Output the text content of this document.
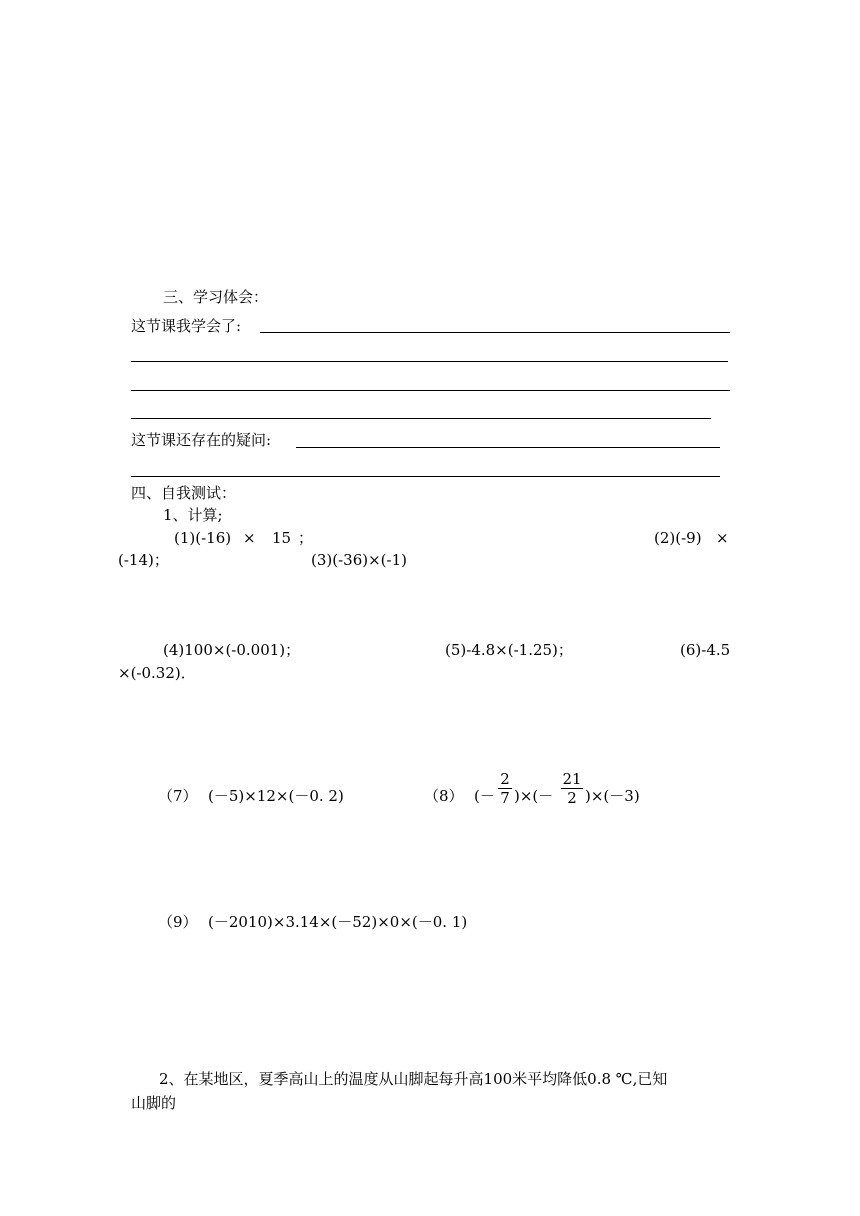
三、学习体会：
这节课我学会了:
这节课还存在的疑问:
四、自我测试：
1、计算;
(1)(-16) × 15 ；	(2)(-9) ×
(-14)；	(3)(-36)×(-1)
(4)100×(-0.001)；	(5)-4.8×(-1.25)；	(6)-4.5
×(-0.32)．
（7） (－5)×12×(－0. 2)	（8） (－
2
7 )×(－
21
2 )×(－3)
（9） (－2010)×3.14×(－52)×0×(－0. 1)
2、在某地区，夏季高山上的温度从山脚起每升高100米平均降低0.8 ℃,已知
山脚的
